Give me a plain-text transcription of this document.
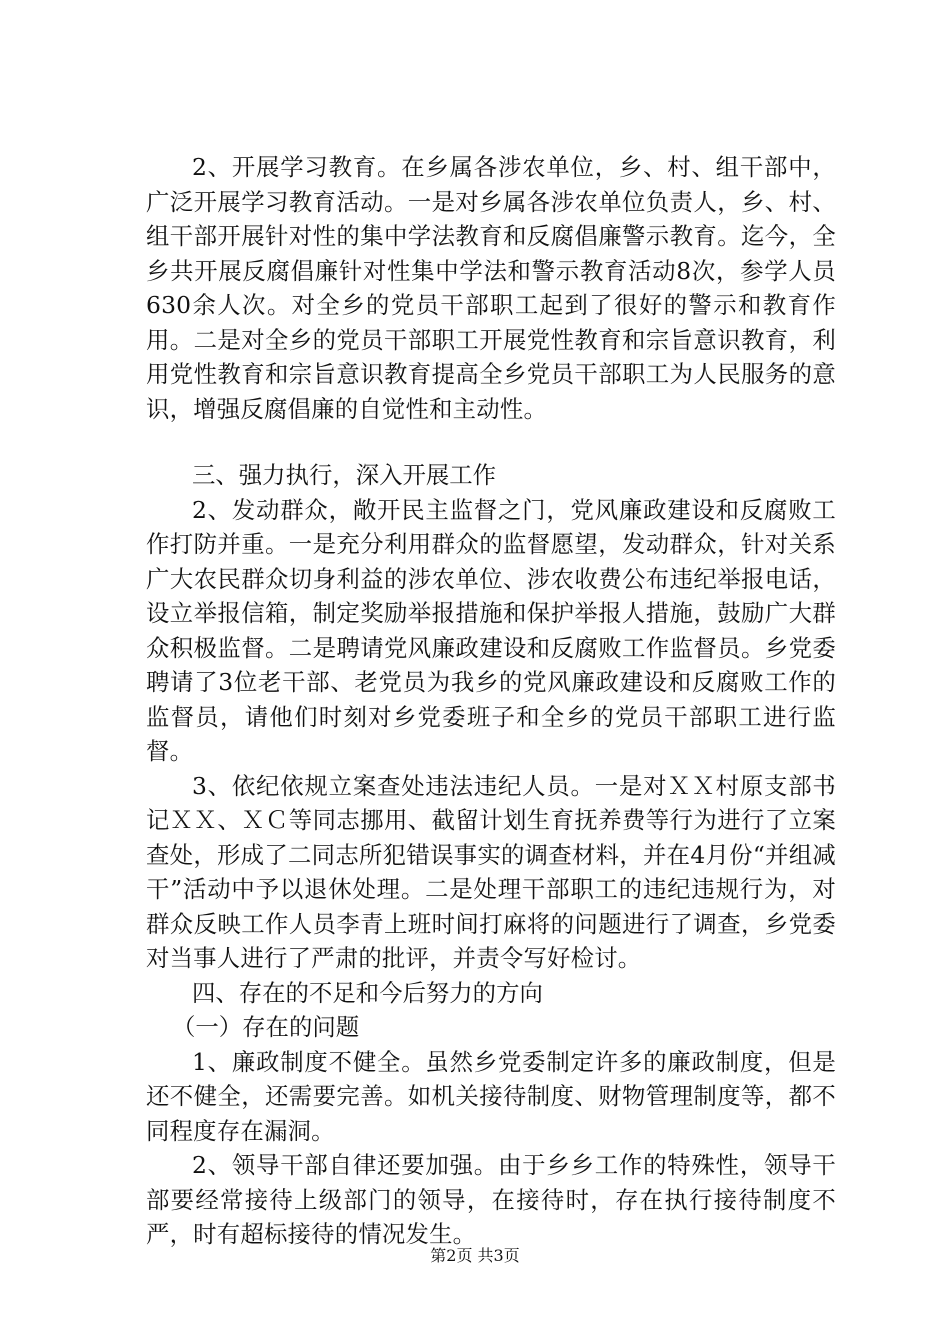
2、开展学习教育。在乡属各涉农单位，乡、村、组干部中，广泛开展学习教育活动。一是对乡属各涉农单位负责人，乡、村、组干部开展针对性的集中学法教育和反腐倡廉警示教育。迄今，全乡共开展反腐倡廉针对性集中学法和警示教育活动8次，参学人员630余人次。对全乡的党员干部职工起到了很好的警示和教育作用。二是对全乡的党员干部职工开展党性教育和宗旨意识教育，利用党性教育和宗旨意识教育提高全乡党员干部职工为人民服务的意识，增强反腐倡廉的自觉性和主动性。

三、强力执行，深入开展工作

2、发动群众，敞开民主监督之门，党风廉政建设和反腐败工作打防并重。一是充分利用群众的监督愿望，发动群众，针对关系广大农民群众切身利益的涉农单位、涉农收费公布违纪举报电话，设立举报信箱，制定奖励举报措施和保护举报人措施，鼓励广大群众积极监督。二是聘请党风廉政建设和反腐败工作监督员。乡党委聘请了3位老干部、老党员为我乡的党风廉政建设和反腐败工作的监督员，请他们时刻对乡党委班子和全乡的党员干部职工进行监督。

3、依纪依规立案查处违法违纪人员。一是对ＸＸ村原支部书记ＸＸ、ＸＣ等同志挪用、截留计划生育抚养费等行为进行了立案查处，形成了二同志所犯错误事实的调查材料，并在4月份“并组减干”活动中予以退休处理。二是处理干部职工的违纪违规行为，对群众反映工作人员李青上班时间打麻将的问题进行了调查，乡党委对当事人进行了严肃的批评，并责令写好检讨。

四、存在的不足和今后努力的方向

（一）存在的问题

1、廉政制度不健全。虽然乡党委制定许多的廉政制度，但是还不健全，还需要完善。如机关接待制度、财物管理制度等，都不同程度存在漏洞。

2、领导干部自律还要加强。由于乡乡工作的特殊性，领导干部要经常接待上级部门的领导，在接待时，存在执行接待制度不严，时有超标接待的情况发生。

第2页 共3页
